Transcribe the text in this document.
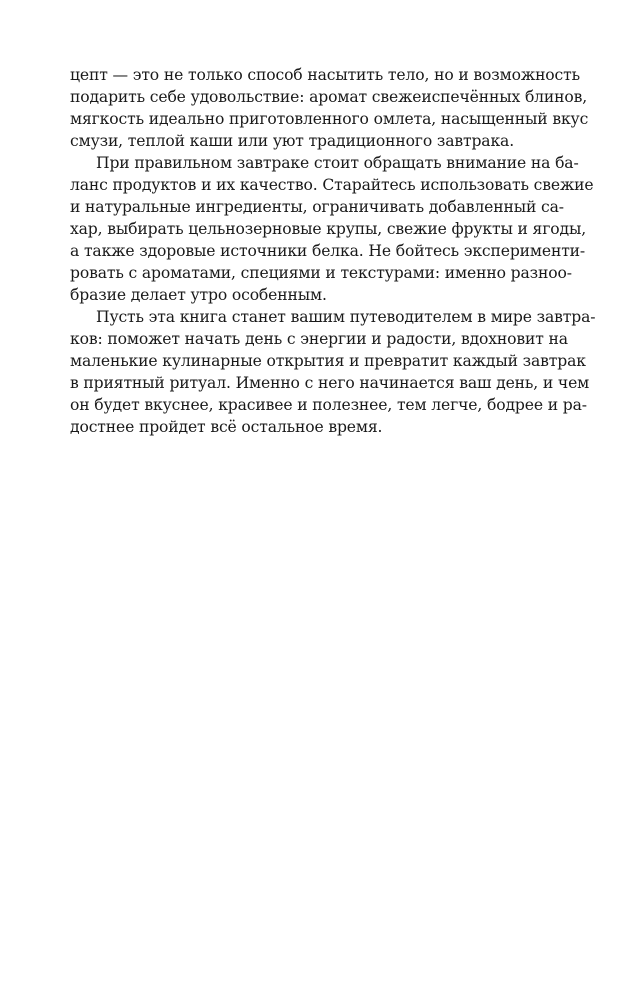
цепт — это не только способ насытить тело, но и возможность
подарить себе удовольствие: аромат свежеиспечённых блинов,
мягкость идеально приготовленного омлета, насыщенный вкус
смузи, теплой каши или уют традиционного завтрака.
При правильном завтраке стоит обращать внимание на ба-
ланс продуктов и их качество. Старайтесь использовать свежие
и натуральные ингредиенты, ограничивать добавленный са-
хар, выбирать цельнозерновые крупы, свежие фрукты и ягоды,
а также здоровые источники белка. Не бойтесь эксперименти-
ровать с ароматами, специями и текстурами: именно разноо-
бразие делает утро особенным.
Пусть эта книга станет вашим путеводителем в мире завтра-
ков: поможет начать день с энергии и радости, вдохновит на
маленькие кулинарные открытия и превратит каждый завтрак
в приятный ритуал. Именно с него начинается ваш день, и чем
он будет вкуснее, красивее и полезнее, тем легче, бодрее и ра-
достнее пройдет всё остальное время.
